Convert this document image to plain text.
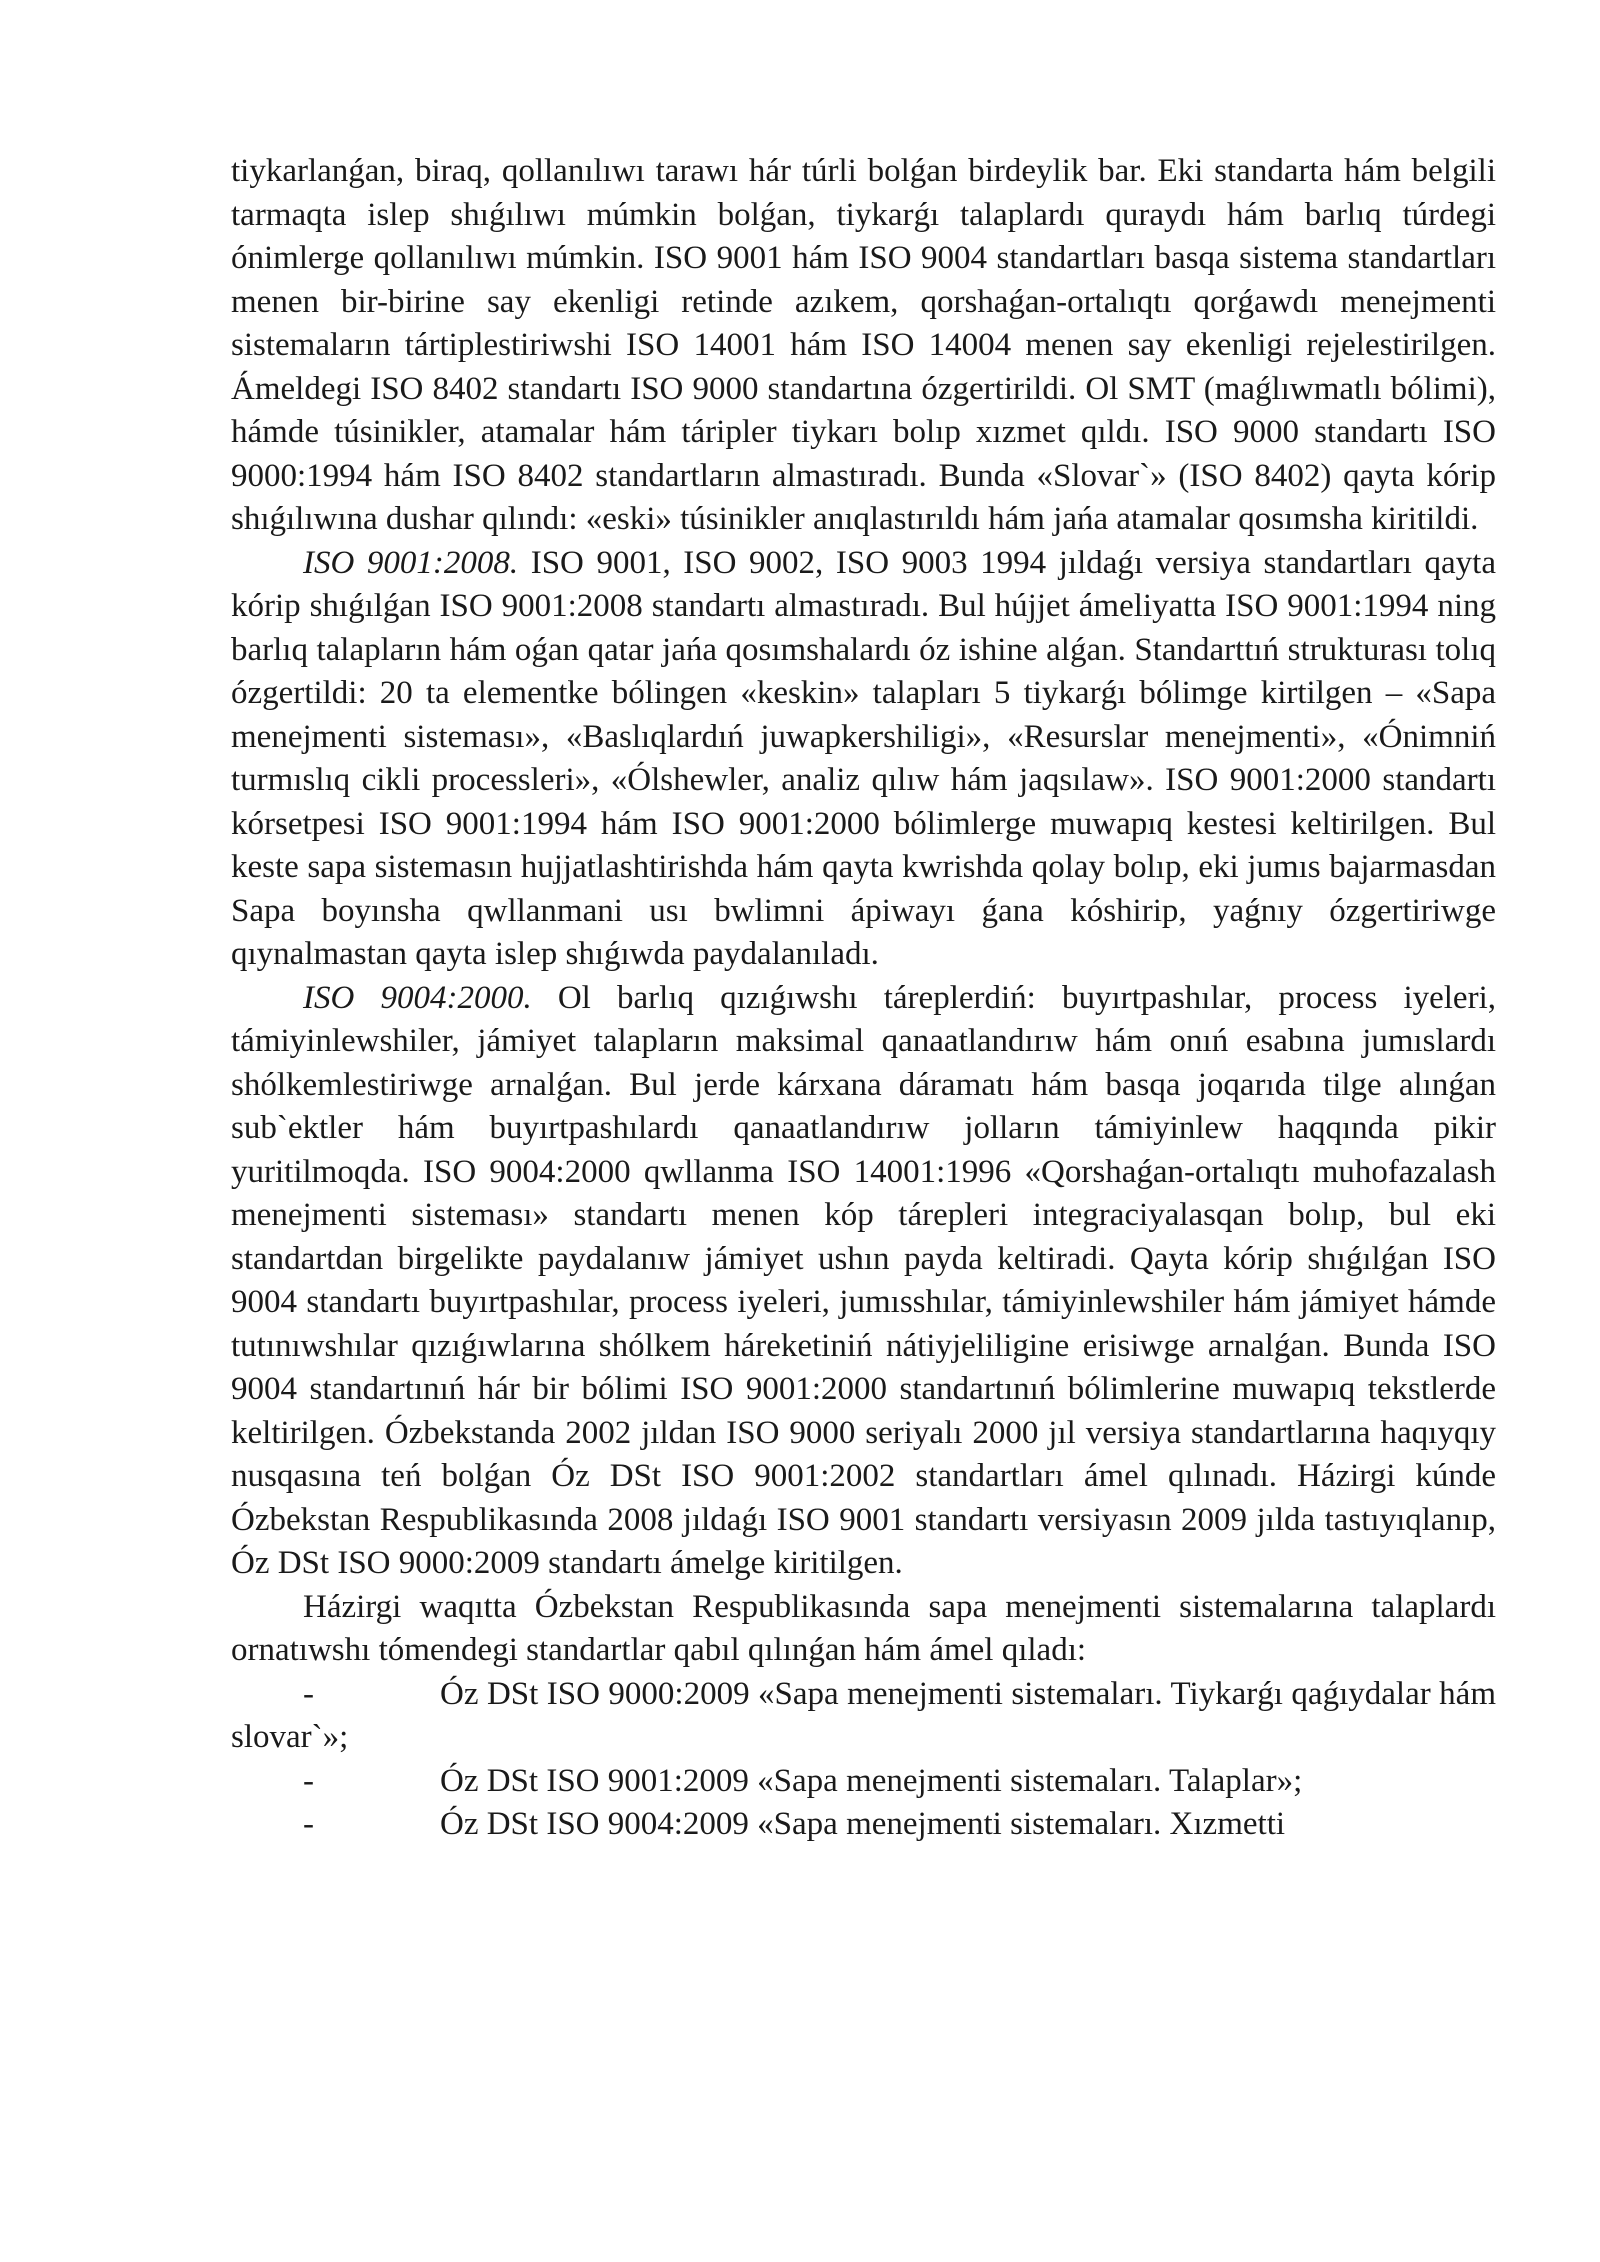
tiykarlanǵan, biraq, qollanılıwı tarawı hár túrli bolǵan birdeylik bar. Eki standarta hám belgili tarmaqta islep shıǵılıwı múmkin bolǵan, tiykarǵı talaplardı quraydı hám barlıq túrdegi ónimlerge qollanılıwı múmkin. ISO 9001 hám ISO 9004 standartları basqa sistema standartları menen bir-birine say ekenligi retinde azıkem, qorshaǵan-ortalıqtı qorǵawdı menejmenti sistemaların tártiplestiriwshi ISO 14001 hám ISO 14004 menen say ekenligi rejelestirilgen. Ámeldegi ISO 8402 standartı ISO 9000 standartına ózgertirildi. Ol SMT (maǵlıwmatlı bólimi), hámde túsinikler, atamalar hám táripler tiykarı bolıp xızmet qıldı. ISO 9000 standartı ISO 9000:1994 hám ISO 8402 standartların almastıradı. Bunda «Slovar`» (ISO 8402) qayta kórip shıǵılıwına dushar qılındı: «eski» túsinikler anıqlastırıldı hám jańa atamalar qosımsha kiritildi.

ISO 9001:2008. ISO 9001, ISO 9002, ISO 9003 1994 jıldaǵı versiya standartları qayta kórip shıǵılǵan ISO 9001:2008 standartı almastıradı. Bul hújjet ámeliyatta ISO 9001:1994 ning barlıq talapların hám oǵan qatar jańa qosımshalardı óz ishine alǵan. Standarttıń strukturası tolıq ózgertildi: 20 ta elementke bólingen «keskin» talapları 5 tiykarǵı bólimge kirtilgen – «Sapa menejmenti sisteması», «Baslıqlardıń juwapkershiligi», «Resurslar menejmenti», «Ónimniń turmıslıq cikli processleri», «Ólshewler, analiz qılıw hám jaqsılaw». ISO 9001:2000 standartı kórsetpesi ISO 9001:1994 hám ISO 9001:2000 bólimlerge muwapıq kestesi keltirilgen. Bul keste sapa sistemasın hujjatlashtirishda hám qayta kwrishda qolay bolıp, eki jumıs bajarmasdan Sapa boyınsha qwllanmani usı bwlimni ápiwayı ǵana kóshirip, yaǵnıy ózgertiriwge qıynalmastan qayta islep shıǵıwda paydalanıladı.

ISO 9004:2000. Ol barlıq qızıǵıwshı táreplerdiń: buyırtpashılar, process iyeleri, támiyinlewshiler, jámiyet talapların maksimal qanaatlandırıw hám onıń esabına jumıslardı shólkemlestiriwge arnalǵan. Bul jerde kárxana dáramatı hám basqa joqarıda tilge alınǵan sub`ektler hám buyırtpashılardı qanaatlandırıw jolların támiyinlew haqqında pikir yuritilmoqda. ISO 9004:2000 qwllanma ISO 14001:1996 «Qorshaǵan-ortalıqtı muhofazalash menejmenti sisteması» standartı menen kóp tárepleri integraciyalasqan bolıp, bul eki standartdan birgelikte paydalanıw jámiyet ushın payda keltiradi. Qayta kórip shıǵılǵan ISO 9004 standartı buyırtpashılar, process iyeleri, jumısshılar, támiyinlewshiler hám jámiyet hámde tutınıwshılar qızıǵıwlarına shólkem háreketiniń nátiyjeliligine erisiwge arnalǵan. Bunda ISO 9004 standartınıń hár bir bólimi ISO 9001:2000 standartınıń bólimlerine muwapıq tekstlerde keltirilgen. Ózbekstanda 2002 jıldan ISO 9000 seriyalı 2000 jıl versiya standartlarına haqıyqıy nusqasına teń bolǵan Óz DSt ISO 9001:2002 standartları ámel qılınadı. Házirgi kúnde Ózbekstan Respublikasında 2008 jıldaǵı ISO 9001 standartı versiyasın 2009 jılda tastıyıqlanıp, Óz DSt ISO 9000:2009 standartı ámelge kiritilgen.

Házirgi waqıtta Ózbekstan Respublikasında sapa menejmenti sistemalarına talaplardı ornatıwshı tómendegi standartlar qabıl qılınǵan hám ámel qıladı:

-	Óz DSt ISO 9000:2009 «Sapa menejmenti sistemaları. Tiykarǵı qaǵıydalar hám slovar`»;

-	Óz DSt ISO 9001:2009 «Sapa menejmenti sistemaları. Talaplar»;

-	Óz DSt ISO 9004:2009 «Sapa menejmenti sistemaları. Xızmetti
